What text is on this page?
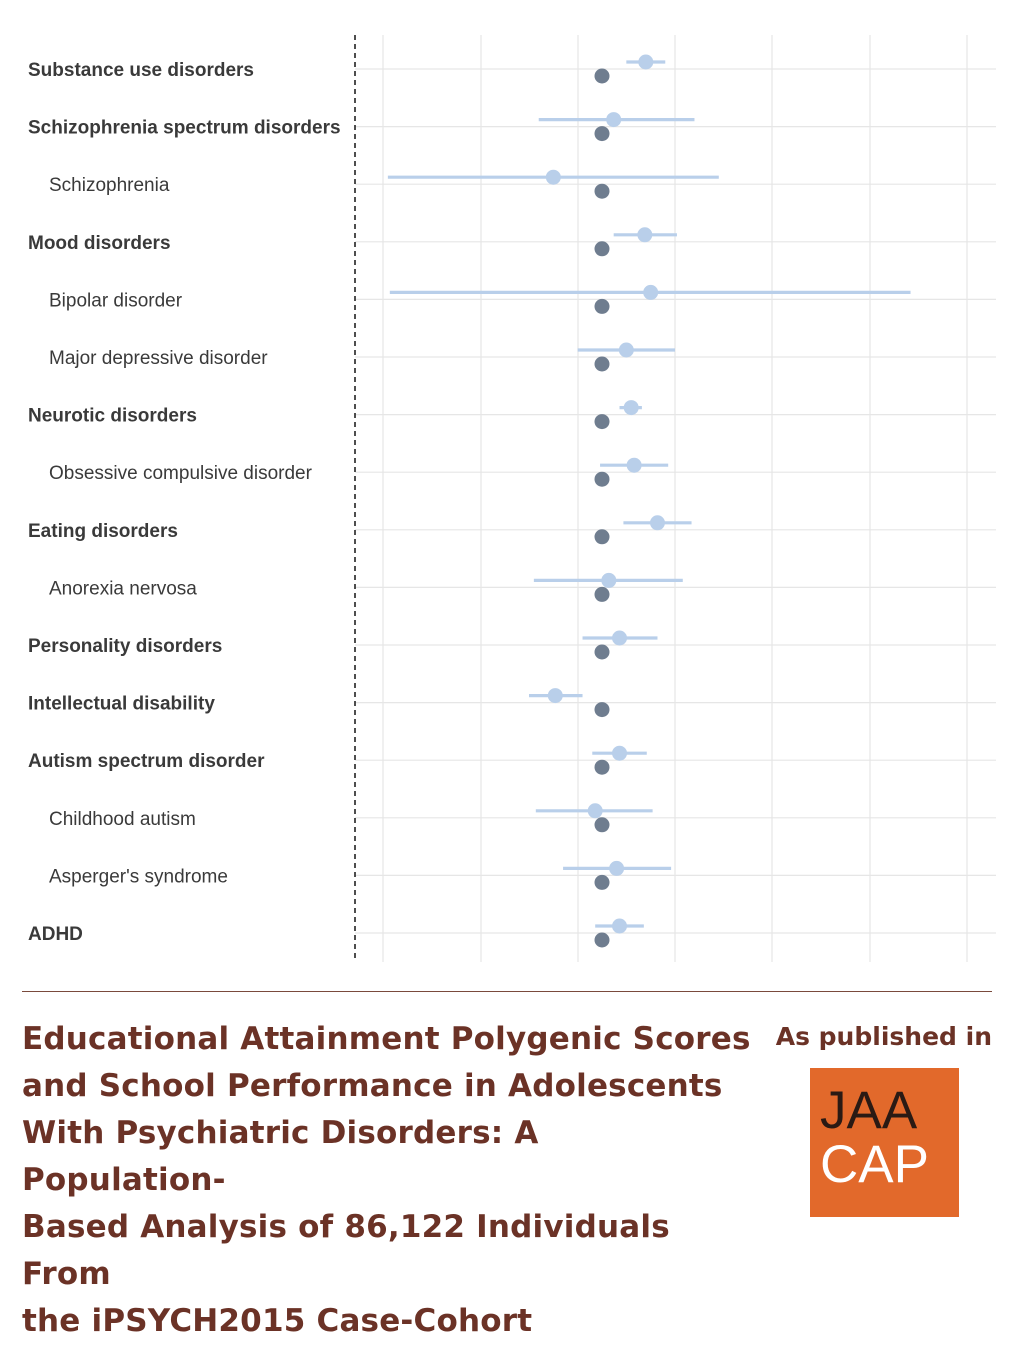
Substance use disorders
Schizophrenia spectrum disorders
Schizophrenia
Mood disorders
Bipolar disorder
Major depressive disorder
Neurotic disorders
Obsessive compulsive disorder
Eating disorders
Anorexia nervosa
Personality disorders
Intellectual disability
Autism spectrum disorder
Childhood autism
Asperger's syndrome
ADHD
Educational Attainment Polygenic Scores
and School Performance in Adolescents
With Psychiatric Disorders: A Population-
Based Analysis of 86,122 Individuals From
the iPSYCH2015 Case-Cohort
As published in
JAA
CAP
